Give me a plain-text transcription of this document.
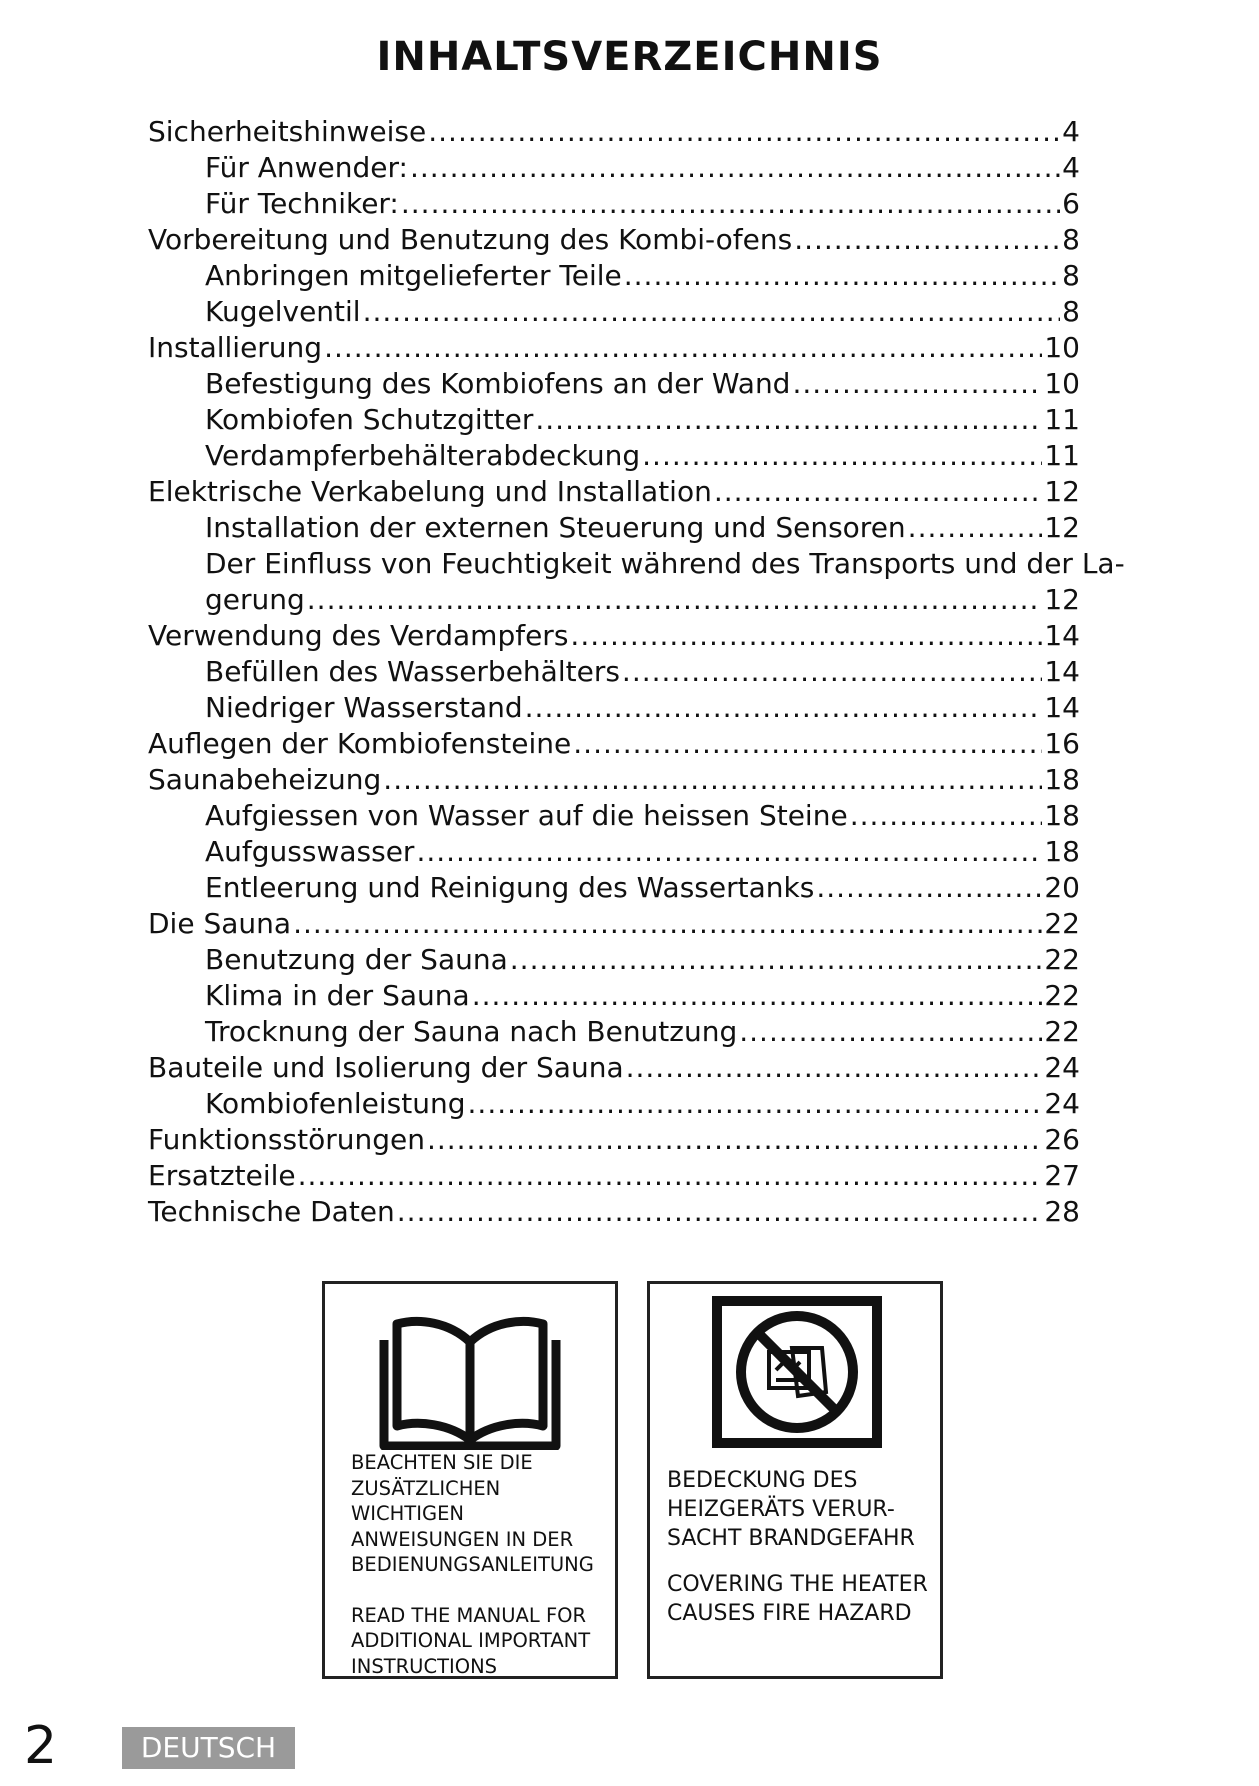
INHALTSVERZEICHNIS
Sicherheitshinweise .....	4
Für Anwender: .....	4
Für Techniker: .....	6
Vorbereitung und Benutzung des Kombi-ofens .....	8
Anbringen mitgelieferter Teile .....	8
Kugelventil .....	8
Installierung .....	10
Befestigung des Kombiofens an der Wand .....	10
Kombiofen Schutzgitter .....	11
Verdampferbehälterabdeckung .....	11
Elektrische Verkabelung und Installation .....	12
Installation der externen Steuerung und Sensoren .....	12
Der Einfluss von Feuchtigkeit während des Transports und der La-
gerung .....	12
Verwendung des Verdampfers .....	14
Befüllen des Wasserbehälters .....	14
Niedriger Wasserstand .....	14
Auflegen der Kombiofensteine .....	16
Saunabeheizung .....	18
Aufgiessen von Wasser auf die heissen Steine .....	18
Aufgusswasser .....	18
Entleerung und Reinigung des Wassertanks .....	20
Die Sauna .....	22
Benutzung der Sauna .....	22
Klima in der Sauna .....	22
Trocknung der Sauna nach Benutzung .....	22
Bauteile und Isolierung der Sauna .....	24
Kombiofenleistung .....	24
Funktionsstörungen .....	26
Ersatzteile .....	27
Technische Daten .....	28
BEACHTEN SIE DIE
ZUSÄTZLICHEN
WICHTIGEN
ANWEISUNGEN IN DER
BEDIENUNGSANLEITUNG
READ THE MANUAL FOR
ADDITIONAL IMPORTANT
INSTRUCTIONS
BEDECKUNG DES
HEIZGERÄTS VERUR-
SACHT BRANDGEFAHR
COVERING THE HEATER
CAUSES FIRE HAZARD
2	DEUTSCH
